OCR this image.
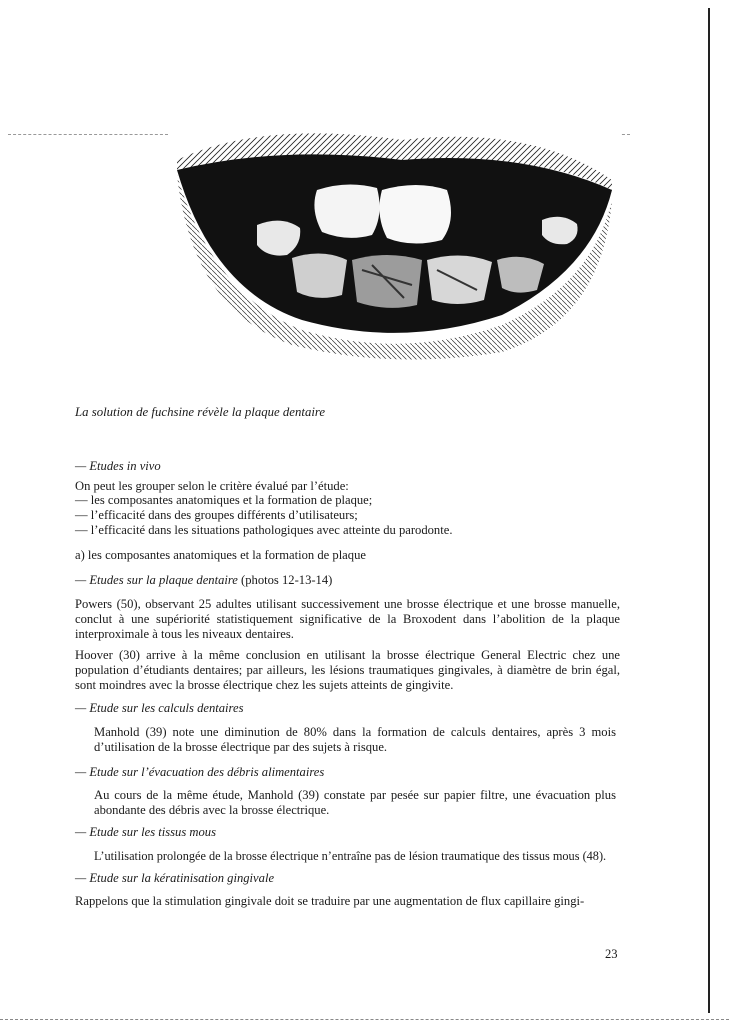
La solution de fuchsine révèle la plaque dentaire
— Etudes in vivo
On peut les grouper selon le critère évalué par l’étude:
— les composantes anatomiques et la formation de plaque;
— l’efficacité dans des groupes différents d’utilisateurs;
— l’efficacité dans les situations pathologiques avec atteinte du parodonte.
a) les composantes anatomiques et la formation de plaque
— Etudes sur la plaque dentaire (photos 12-13-14)
Powers (50), observant 25 adultes utilisant successivement une brosse électrique et une brosse manuelle, conclut à une supériorité statistiquement significative de la Broxodent dans l’abolition de la plaque interproximale à tous les niveaux dentaires.
Hoover (30) arrive à la même conclusion en utilisant la brosse électrique General Electric chez une population d’étudiants dentaires; par ailleurs, les lésions traumatiques gingivales, à diamètre de brin égal, sont moindres avec la brosse électrique chez les sujets atteints de gingivite.
— Etude sur les calculs dentaires
Manhold (39) note une diminution de 80% dans la formation de calculs dentaires, après 3 mois d’utilisation de la brosse électrique par des sujets à risque.
— Etude sur l’évacuation des débris alimentaires
Au cours de la même étude, Manhold (39) constate par pesée sur papier filtre, une évacuation plus abondante des débris avec la brosse électrique.
— Etude sur les tissus mous
L’utilisation prolongée de la brosse électrique n’entraîne pas de lésion traumatique des tissus mous (48).
— Etude sur la kératinisation gingivale
Rappelons que la stimulation gingivale doit se traduire par une augmentation de flux capillaire gingi-
23
